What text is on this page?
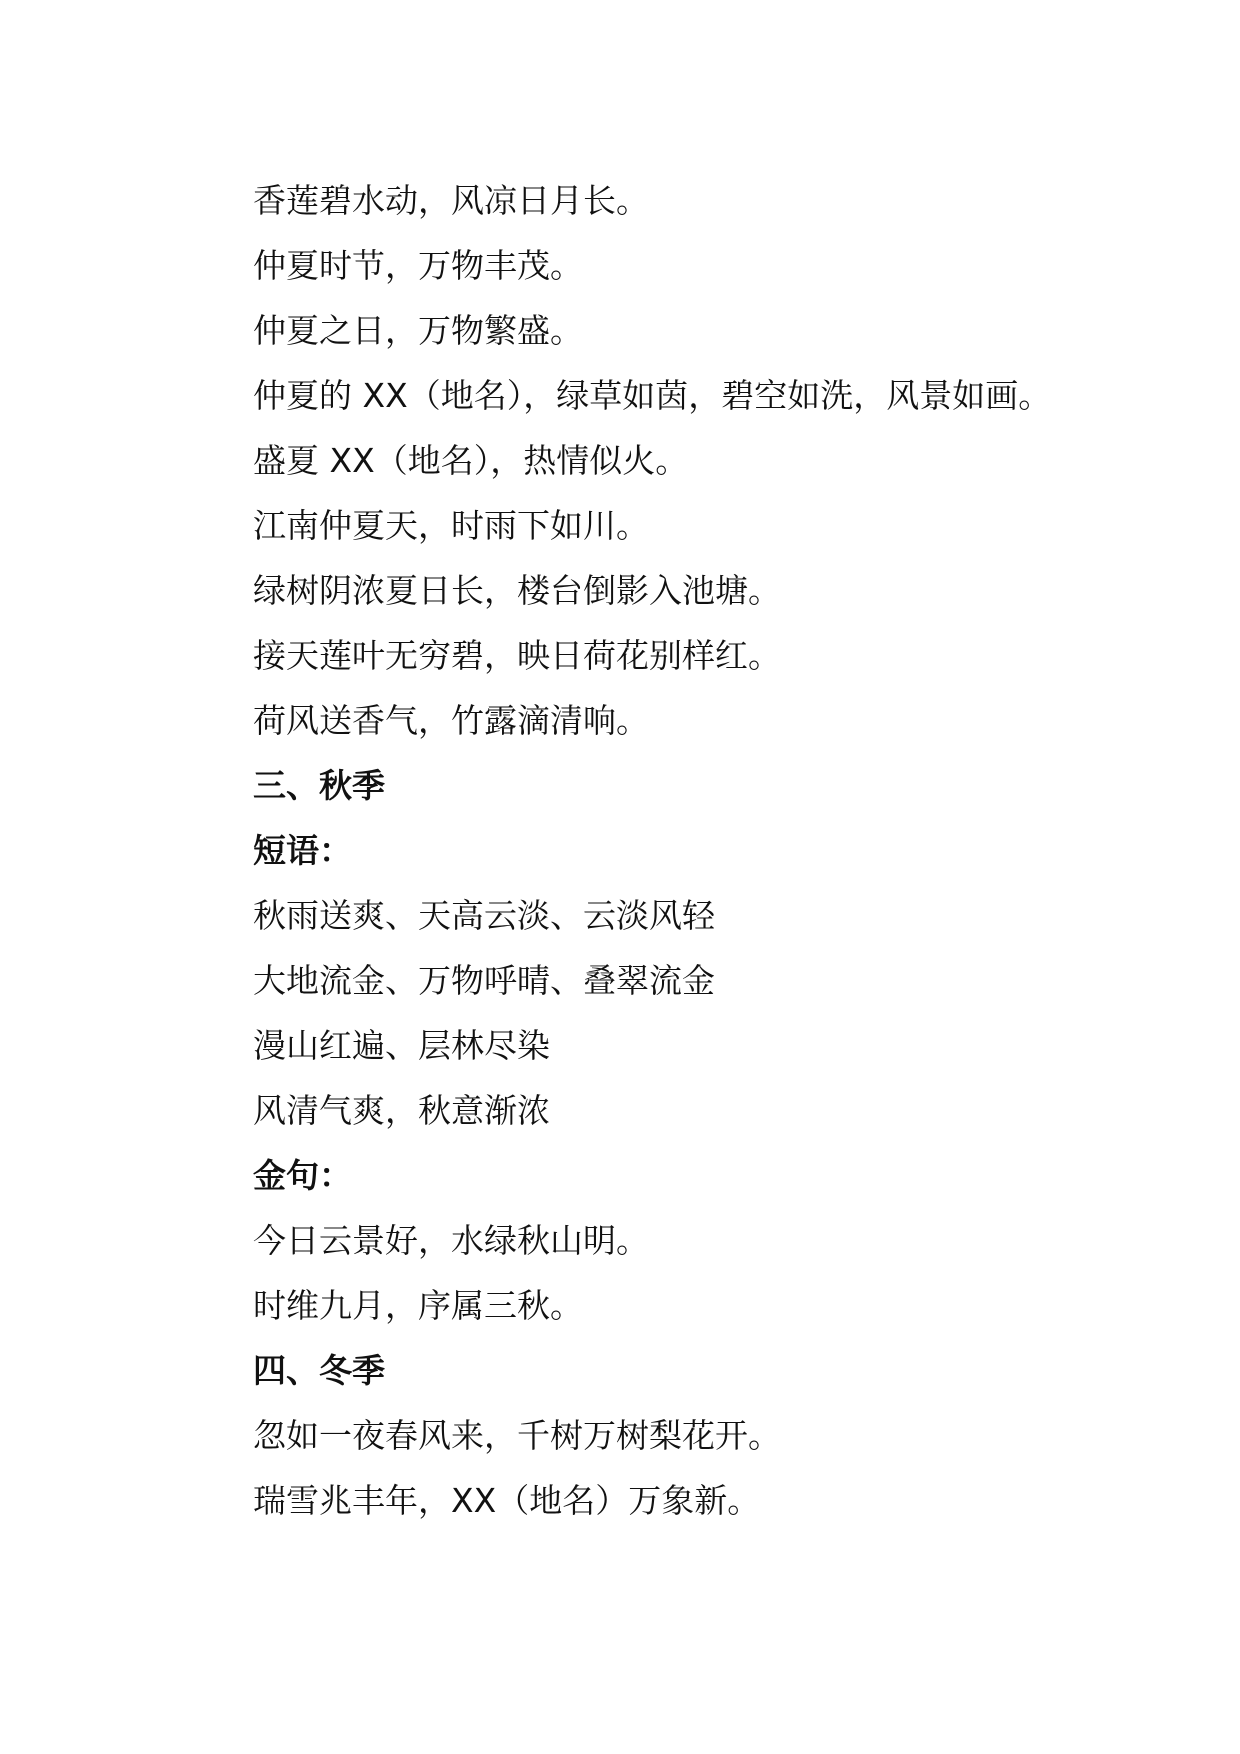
香莲碧水动，风凉日月长。
仲夏时节，万物丰茂。
仲夏之日，万物繁盛。
仲夏的 XX（地名），绿草如茵，碧空如洗，风景如画。
盛夏 XX（地名），热情似火。
江南仲夏天，时雨下如川。
绿树阴浓夏日长，楼台倒影入池塘。
接天莲叶无穷碧，映日荷花别样红。
荷风送香气，竹露滴清响。
三、秋季
短语：
秋雨送爽、天高云淡、云淡风轻
大地流金、万物呼晴、叠翠流金
漫山红遍、层林尽染
风清气爽，秋意渐浓
金句：
今日云景好，水绿秋山明。
时维九月，序属三秋。
四、冬季
忽如一夜春风来，千树万树梨花开。
瑞雪兆丰年，XX（地名）万象新。
